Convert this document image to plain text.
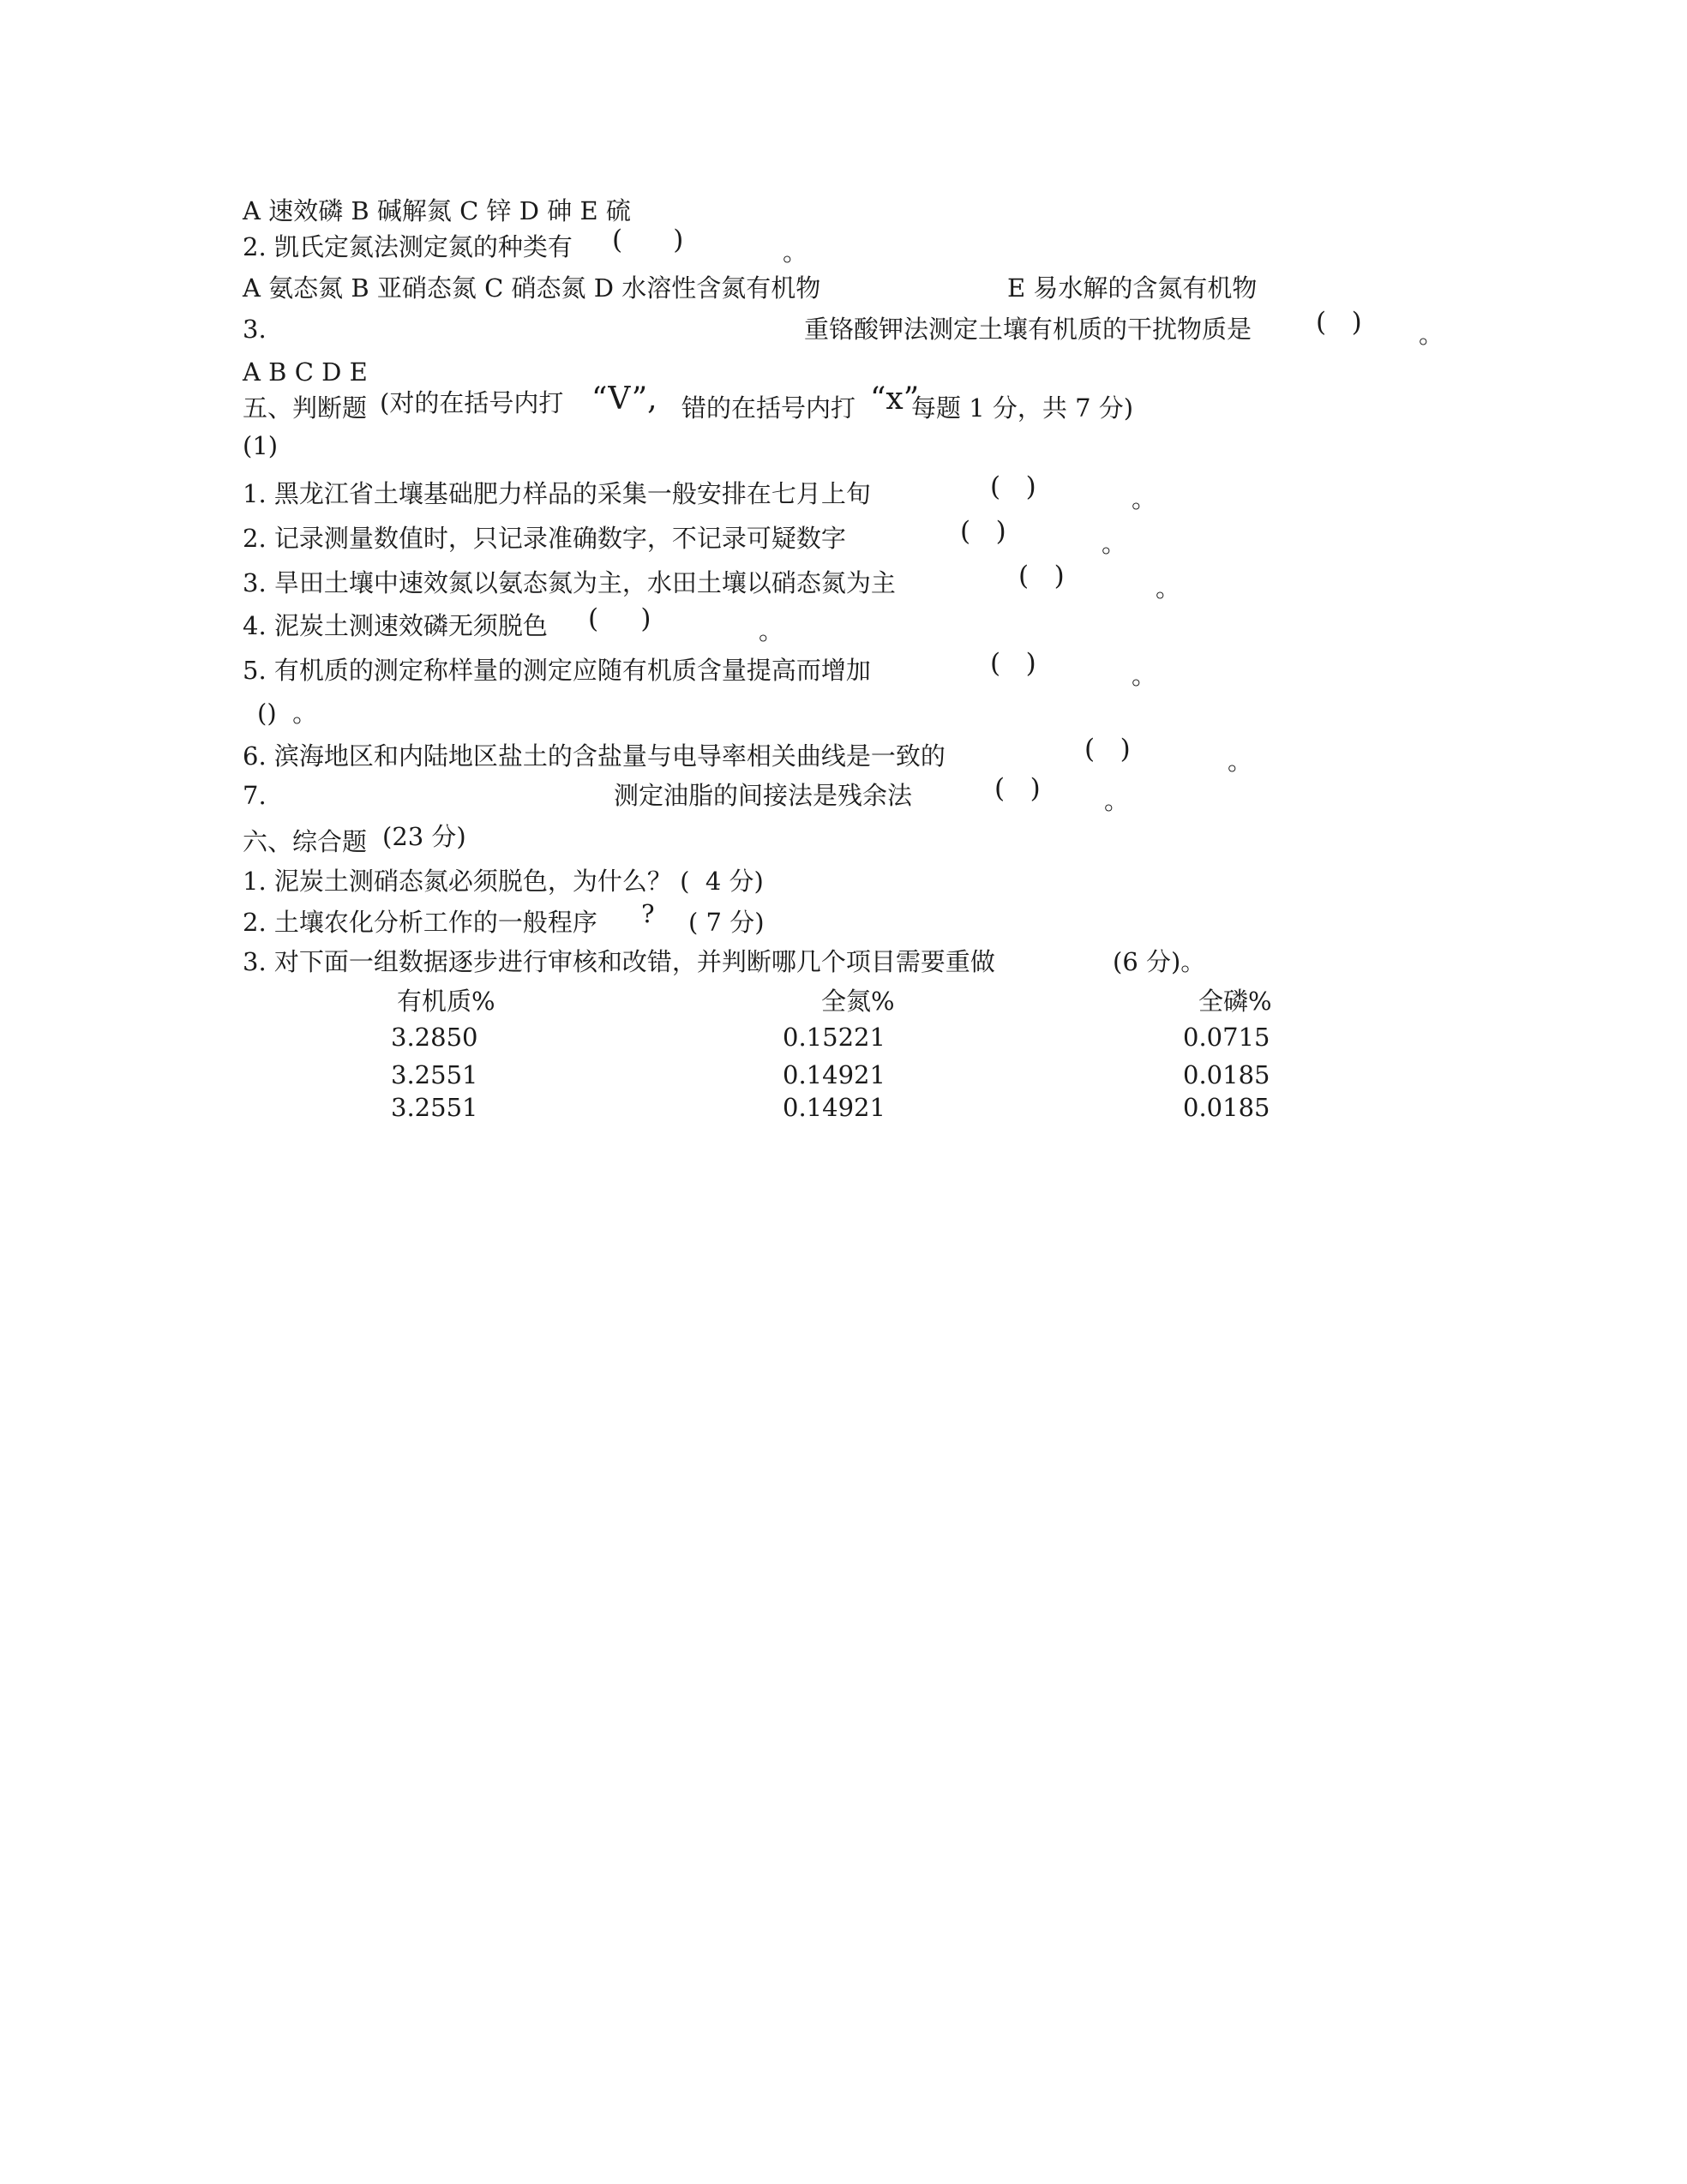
A 速效磷 B 碱解氮 C 锌 D 砷 E 硫
2. 凯氏定氮法测定氮的种类有 (      )	。
A 氨态氮 B 亚硝态氮 C 硝态氮 D 水溶性含氮有机物	E 易水解的含氮有机物
3.	重铬酸钾法测定土壤有机质的干扰物质是 (   ) 。
A B C D E
五、判断题 (对的在括号内打 “V”, 错的在括号内打 “x”
每题 1 分，共 7 分)
(1)
1. 黑龙江省土壤基础肥力样品的采集一般安排在七月上旬	(   )	。
2. 记录测量数值时，只记录准确数字，不记录可疑数字	(   )	。
3. 旱田土壤中速效氮以氨态氮为主，水田土壤以硝态氮为主	(   )	。
4. 泥炭土测速效磷无须脱色 (     )	。
5. 有机质的测定称样量的测定应随有机质含量提高而增加	(   )	。
()  。
6. 滨海地区和内陆地区盐土的含盐量与电导率相关曲线是一致的	(   )	。
7.	测定油脂的间接法是残余法	(   )	。
六、综合题 (23 分)
1. 泥炭土测硝态氮必须脱色，为什么？ (  4 分)
2. 土壤农化分析工作的一般程序 ? ( 7 分)
3. 对下面一组数据逐步进行审核和改错，并判断哪几个项目需要重做	(6 分)。
有机质%	全氮%	全磷%
3.2850	0.15221	0.0715
3.2551	0.14921	0.0185
3.2551	0.14921	0.0185
